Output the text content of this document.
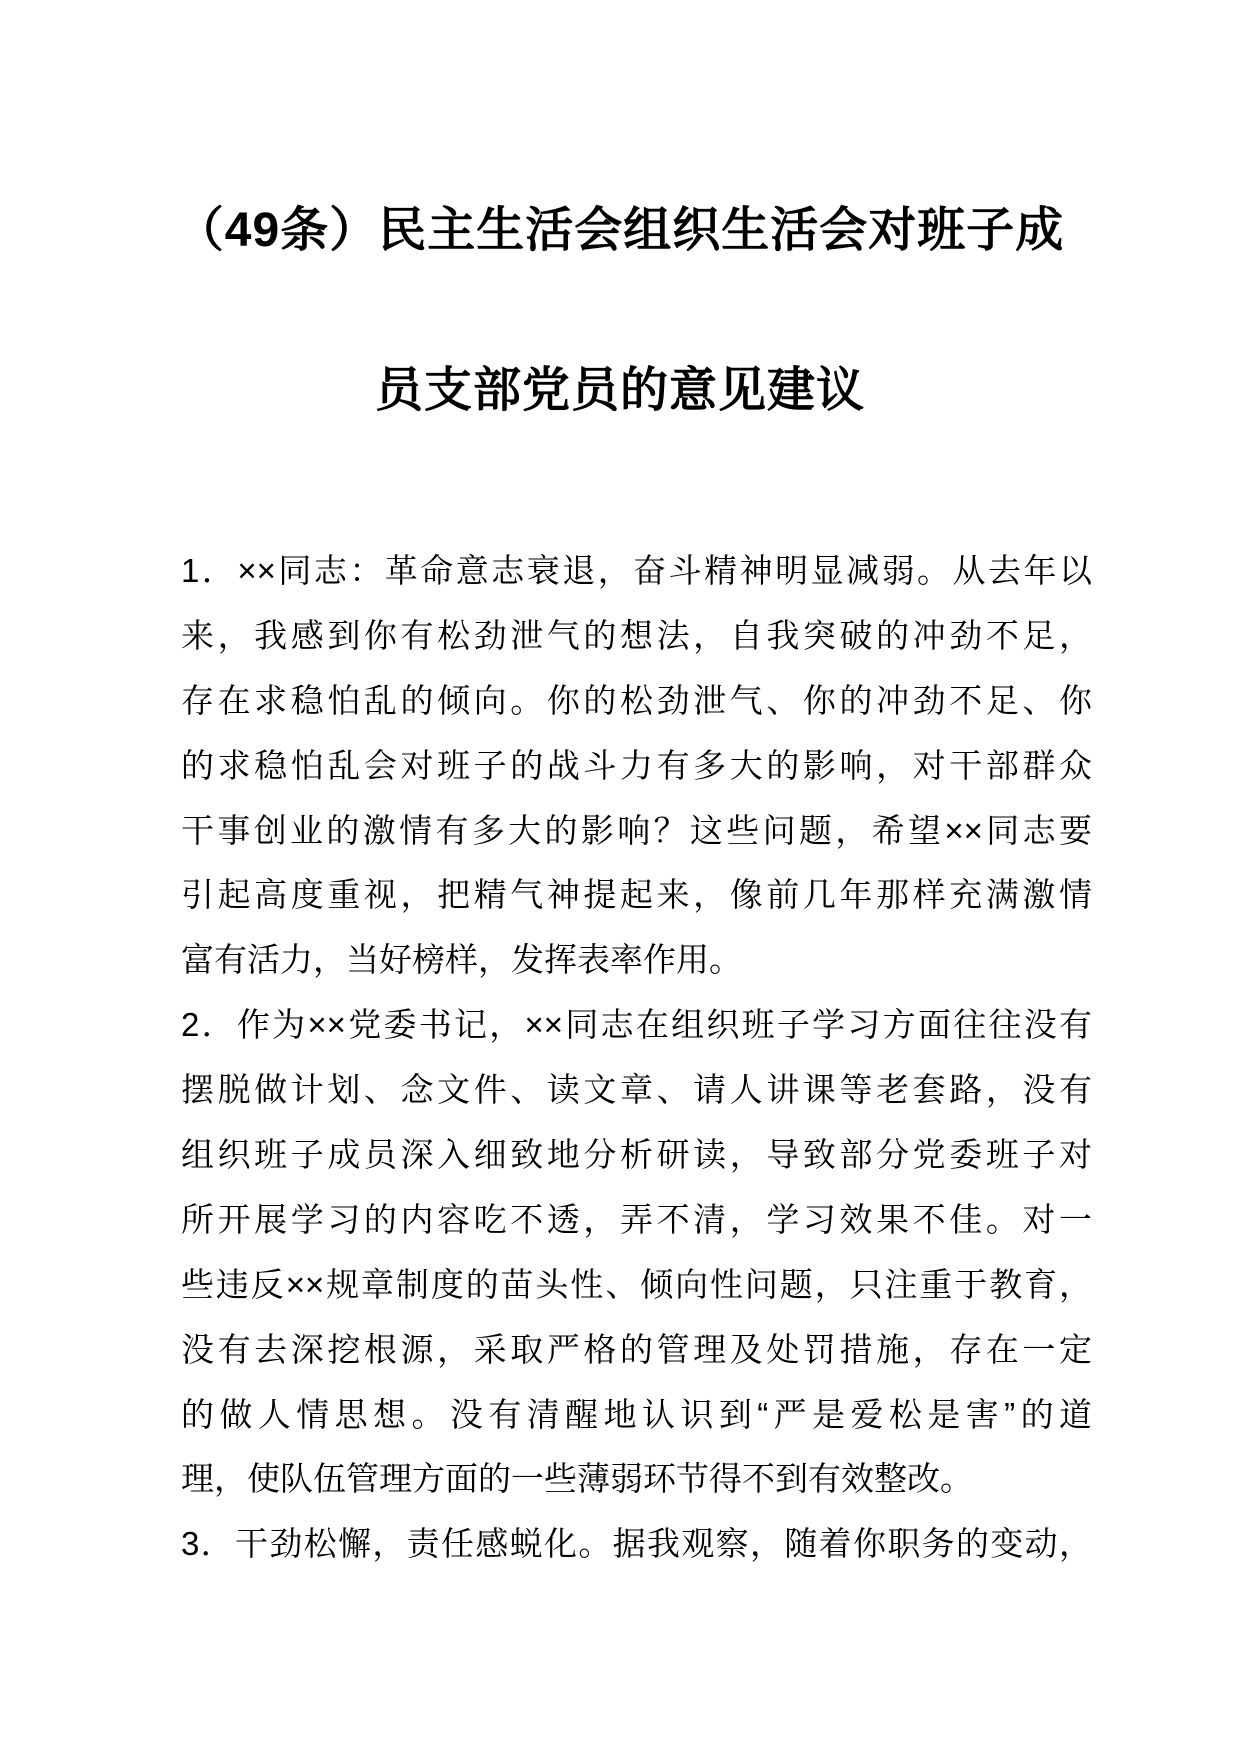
（49条）民主生活会组织生活会对班子成
员支部党员的意见建议
1．××同志：革命意志衰退，奋斗精神明显减弱。从去年以
来，我感到你有松劲泄气的想法，自我突破的冲劲不足，
存在求稳怕乱的倾向。你的松劲泄气、你的冲劲不足、你
的求稳怕乱会对班子的战斗力有多大的影响，对干部群众
干事创业的激情有多大的影响？这些问题，希望××同志要
引起高度重视，把精气神提起来，像前几年那样充满激情
富有活力，当好榜样，发挥表率作用。
2．作为××党委书记，××同志在组织班子学习方面往往没有
摆脱做计划、念文件、读文章、请人讲课等老套路，没有
组织班子成员深入细致地分析研读，导致部分党委班子对
所开展学习的内容吃不透，弄不清，学习效果不佳。对一
些违反××规章制度的苗头性、倾向性问题，只注重于教育，
没有去深挖根源，采取严格的管理及处罚措施，存在一定
的做人情思想。没有清醒地认识到“严是爱松是害”的道
理，使队伍管理方面的一些薄弱环节得不到有效整改。
3．干劲松懈，责任感蜕化。据我观察，随着你职务的变动，
